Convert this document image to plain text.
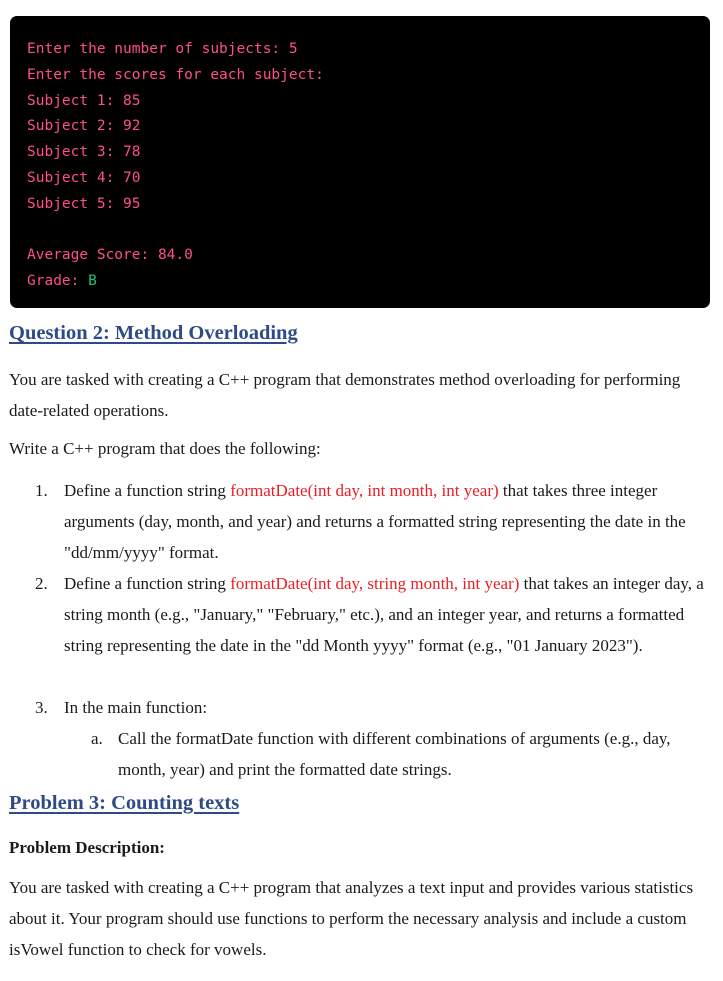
Enter the number of subjects: 5
Enter the scores for each subject:
Subject 1: 85
Subject 2: 92
Subject 3: 78
Subject 4: 70
Subject 5: 95
Average Score: 84.0
Grade: B
Question 2: Method Overloading

You are tasked with creating a C++ program that demonstrates method overloading for performing date-related operations.

Write a C++ program that does the following:

1. Define a function string formatDate(int day, int month, int year) that takes three integer arguments (day, month, and year) and returns a formatted string representing the date in the "dd/mm/yyyy" format.

2. Define a function string formatDate(int day, string month, int year) that takes an integer day, a string month (e.g., "January," "February," etc.), and an integer year, and returns a formatted string representing the date in the "dd Month yyyy" format (e.g., "01 January 2023").

3. In the main function:

a. Call the formatDate function with different combinations of arguments (e.g., day, month, year) and print the formatted date strings.

Problem 3: Counting texts

Problem Description:

You are tasked with creating a C++ program that analyzes a text input and provides various statistics about it. Your program should use functions to perform the necessary analysis and include a custom isVowel function to check for vowels.
